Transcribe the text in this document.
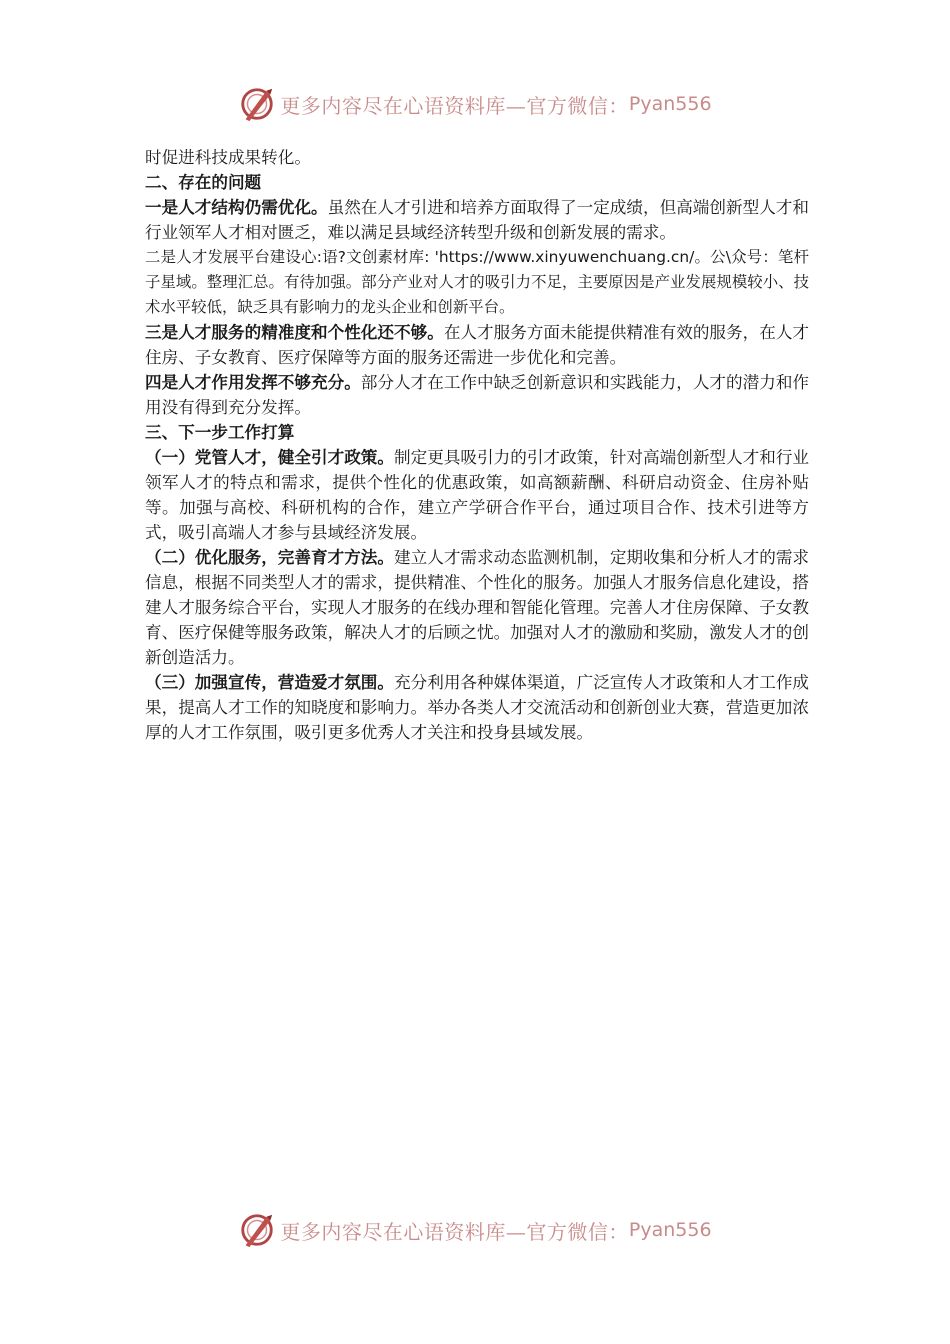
更多内容尽在心语资料库—官方微信： Pyan556

时促进科技成果转化。

二、存在的问题

一是人才结构仍需优化。虽然在人才引进和培养方面取得了一定成绩，但高端创新型人才和行业领军人才相对匮乏，难以满足县域经济转型升级和创新发展的需求。

二是人才发展平台建设心:语?文创素材库: 'https://www.xinyuwenchuang.cn/。公\众号：笔杆子星域。整理汇总。有待加强。部分产业对人才的吸引力不足，主要原因是产业发展规模较小、技术水平较低，缺乏具有影响力的龙头企业和创新平台。

三是人才服务的精准度和个性化还不够。在人才服务方面未能提供精准有效的服务，在人才住房、子女教育、医疗保障等方面的服务还需进一步优化和完善。

四是人才作用发挥不够充分。部分人才在工作中缺乏创新意识和实践能力，人才的潜力和作用没有得到充分发挥。

三、下一步工作打算

（一）党管人才，健全引才政策。制定更具吸引力的引才政策，针对高端创新型人才和行业领军人才的特点和需求，提供个性化的优惠政策，如高额薪酬、科研启动资金、住房补贴等。加强与高校、科研机构的合作，建立产学研合作平台，通过项目合作、技术引进等方式，吸引高端人才参与县域经济发展。

（二）优化服务，完善育才方法。建立人才需求动态监测机制，定期收集和分析人才的需求信息，根据不同类型人才的需求，提供精准、个性化的服务。加强人才服务信息化建设，搭建人才服务综合平台，实现人才服务的在线办理和智能化管理。完善人才住房保障、子女教育、医疗保健等服务政策，解决人才的后顾之忧。加强对人才的激励和奖励，激发人才的创新创造活力。

（三）加强宣传，营造爱才氛围。充分利用各种媒体渠道，广泛宣传人才政策和人才工作成果，提高人才工作的知晓度和影响力。举办各类人才交流活动和创新创业大赛，营造更加浓厚的人才工作氛围，吸引更多优秀人才关注和投身县域发展。

更多内容尽在心语资料库—官方微信： Pyan556
